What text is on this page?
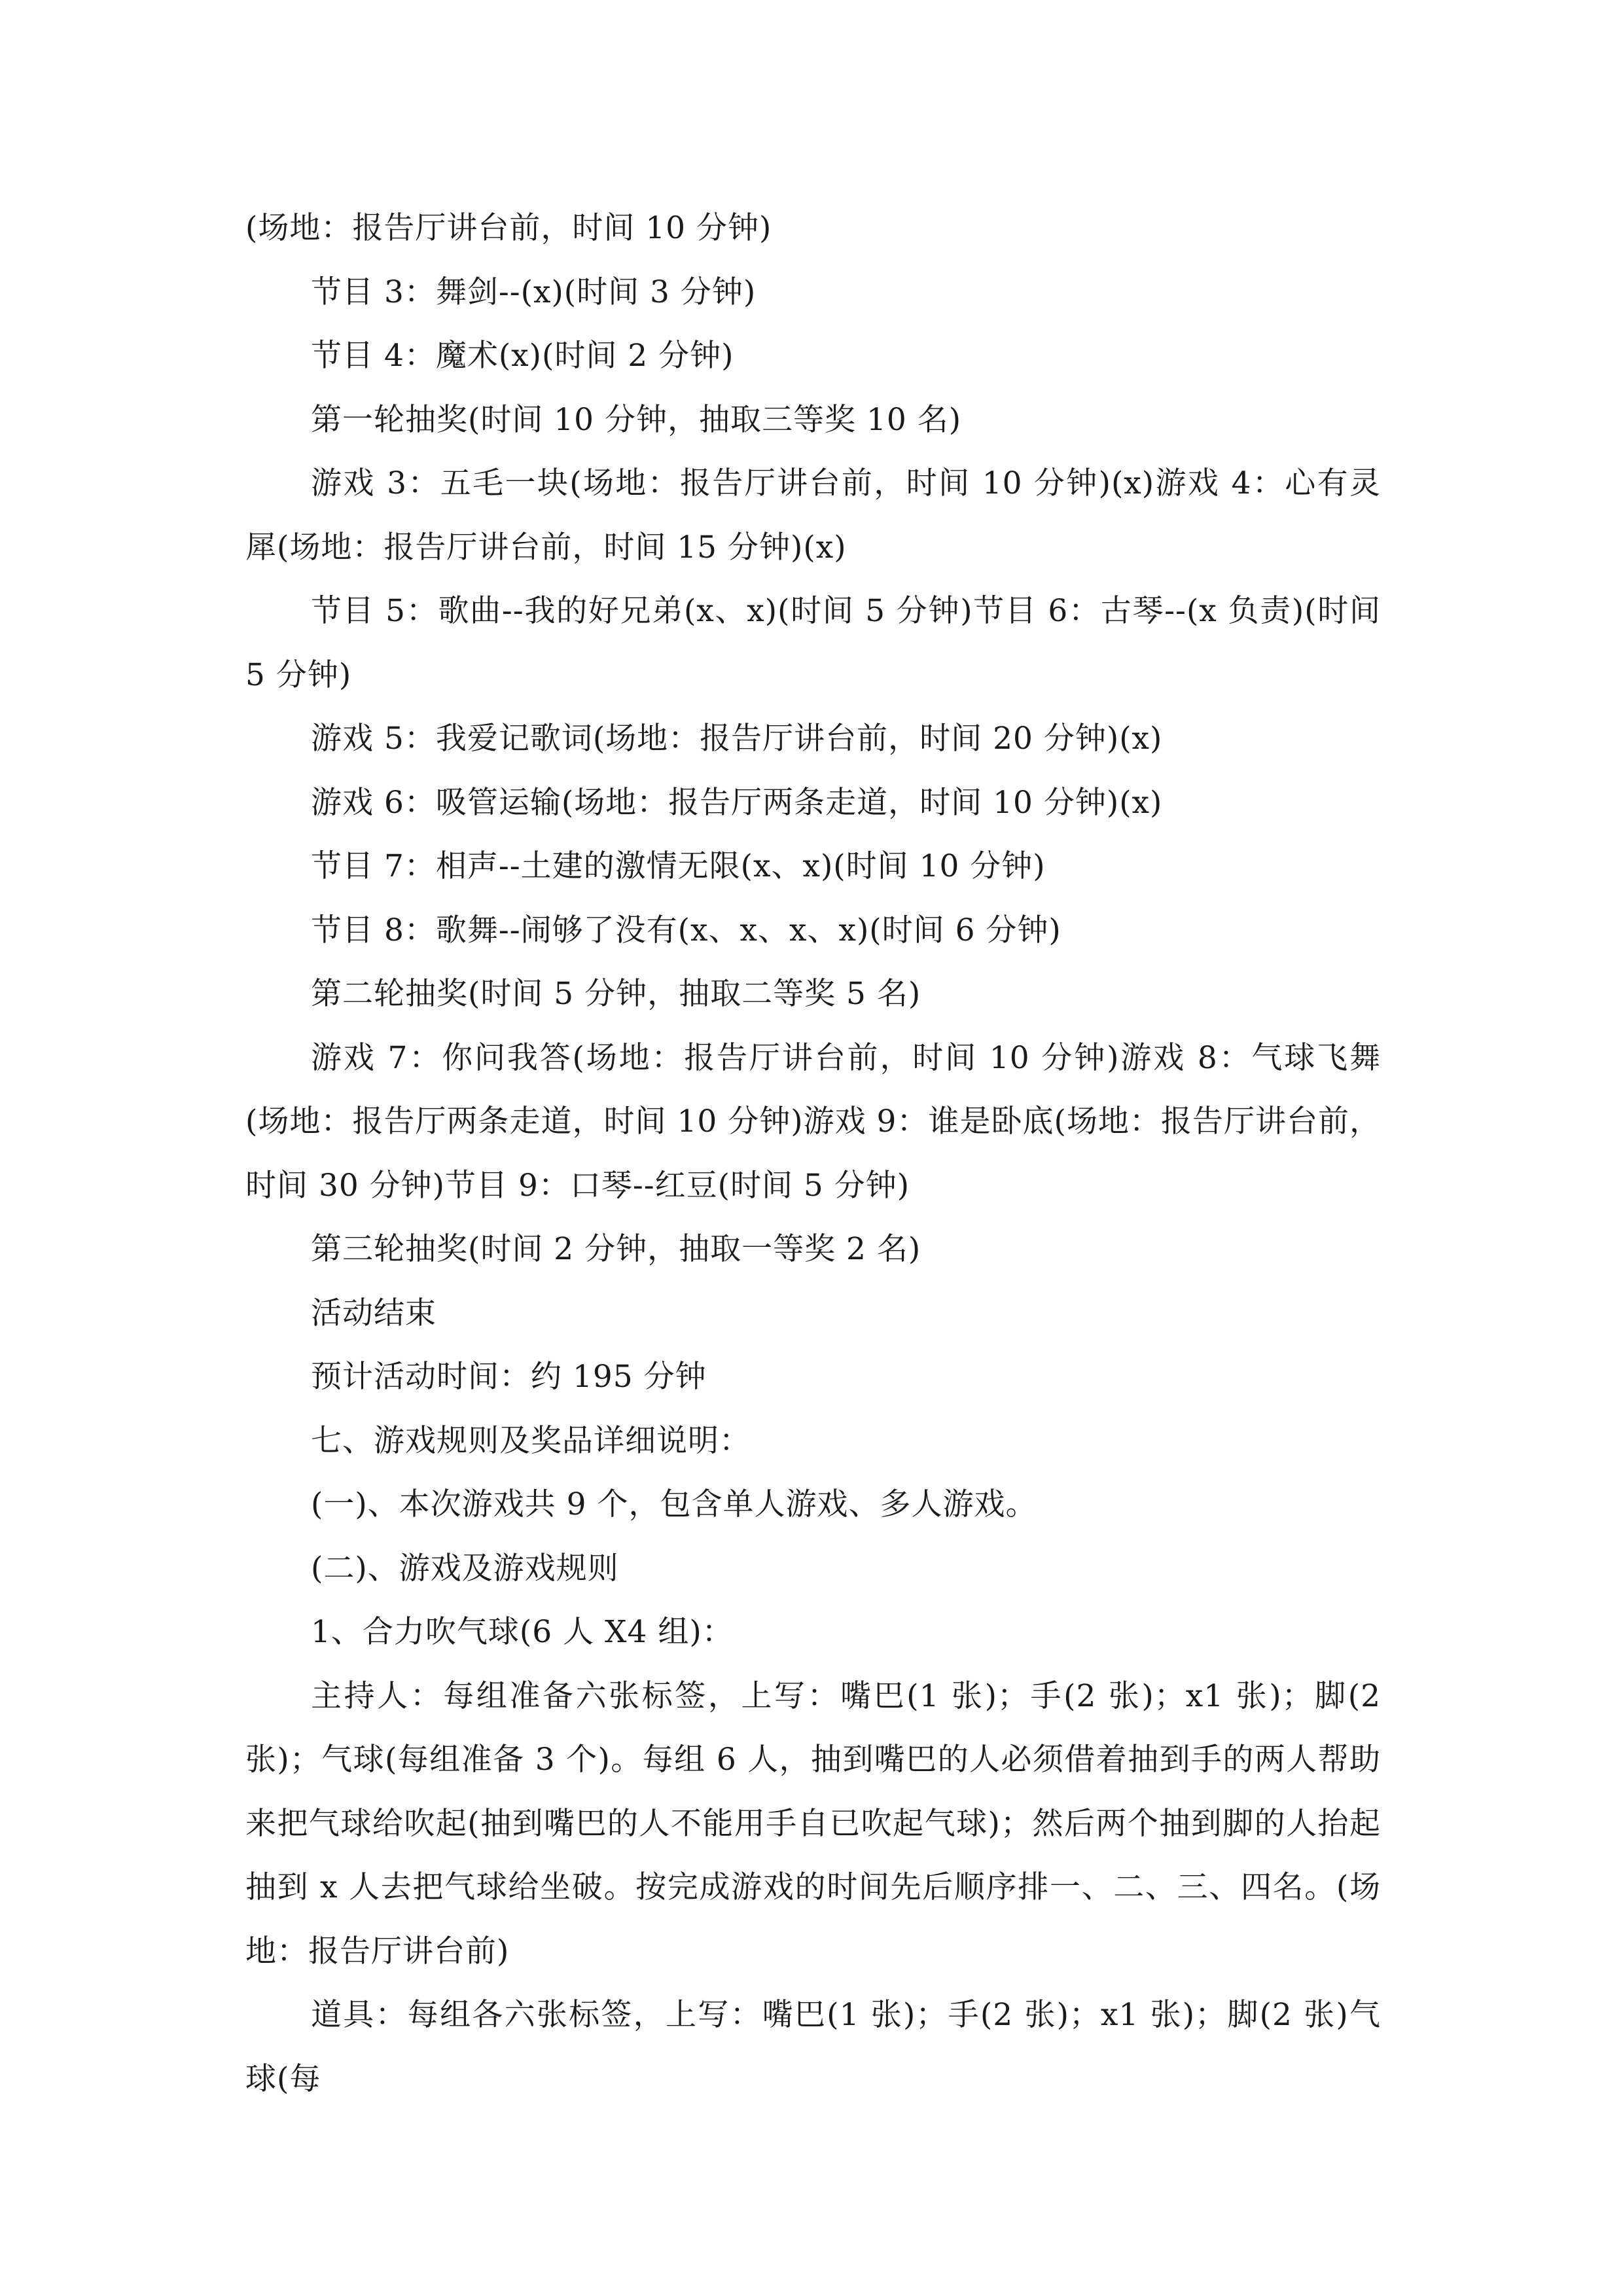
(场地：报告厅讲台前，时间 10 分钟)

节目 3：舞剑--(x)(时间 3 分钟)

节目 4：魔术(x)(时间 2 分钟)

第一轮抽奖(时间 10 分钟，抽取三等奖 10 名)

游戏 3：五毛一块(场地：报告厅讲台前，时间 10 分钟)(x)游戏 4：心有灵犀(场地：报告厅讲台前，时间 15 分钟)(x)

节目 5：歌曲--我的好兄弟(x、x)(时间 5 分钟)节目 6：古琴--(x 负责)(时间 5 分钟)

游戏 5：我爱记歌词(场地：报告厅讲台前，时间 20 分钟)(x)

游戏 6：吸管运输(场地：报告厅两条走道，时间 10 分钟)(x)

节目 7：相声--土建的激情无限(x、x)(时间 10 分钟)

节目 8：歌舞--闹够了没有(x、x、x、x)(时间 6 分钟)

第二轮抽奖(时间 5 分钟，抽取二等奖 5 名)

游戏 7：你问我答(场地：报告厅讲台前，时间 10 分钟)游戏 8：气球飞舞(场地：报告厅两条走道，时间 10 分钟)游戏 9：谁是卧底(场地：报告厅讲台前，时间 30 分钟)节目 9：口琴--红豆(时间 5 分钟)

第三轮抽奖(时间 2 分钟，抽取一等奖 2 名)

活动结束

预计活动时间：约 195 分钟

七、游戏规则及奖品详细说明：

(一)、本次游戏共 9 个，包含单人游戏、多人游戏。

(二)、游戏及游戏规则

1、合力吹气球(6 人 X4 组)：

主持人：每组准备六张标签，上写：嘴巴(1 张)；手(2 张)；x1 张)；脚(2 张)；气球(每组准备 3 个)。每组 6 人，抽到嘴巴的人必须借着抽到手的两人帮助来把气球给吹起(抽到嘴巴的人不能用手自已吹起气球)；然后两个抽到脚的人抬起抽到 x 人去把气球给坐破。按完成游戏的时间先后顺序排一、二、三、四名。(场地：报告厅讲台前)

道具：每组各六张标签，上写：嘴巴(1 张)；手(2 张)；x1 张)；脚(2 张)气球(每
